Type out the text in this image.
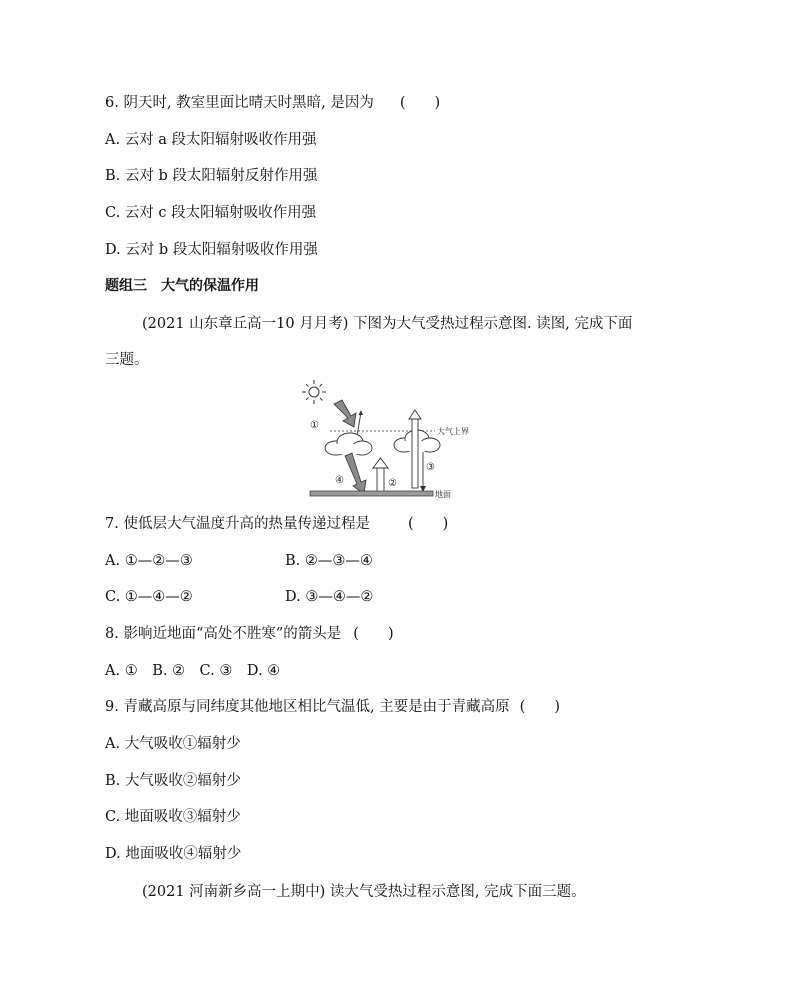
6. 阴天时, 教室里面比晴天时黑暗, 是因为 (　　)
A. 云对 a 段太阳辐射吸收作用强
B. 云对 b 段太阳辐射反射作用强
C. 云对 c 段太阳辐射吸收作用强
D. 云对 b 段太阳辐射吸收作用强
题组三　大气的保温作用
(2021 山东章丘高一10 月月考) 下图为大气受热过程示意图. 读图, 完成下面
三题。
大气上界
①
③
④	②
地面
7. 使低层大气温度升高的热量传递过程是	(　　)
A. ①—②—③	B. ②—③—④
C. ①—④—②	D. ③—④—②
8. 影响近地面“高处不胜寒”的箭头是 (　　)
A. ①　B. ②　C. ③　D. ④
9. 青藏高原与同纬度其他地区相比气温低, 主要是由于青藏高原 (　　)
A. 大气吸收①辐射少
B. 大气吸收②辐射少
C. 地面吸收③辐射少
D. 地面吸收④辐射少
(2021 河南新乡高一上期中) 读大气受热过程示意图, 完成下面三题。
